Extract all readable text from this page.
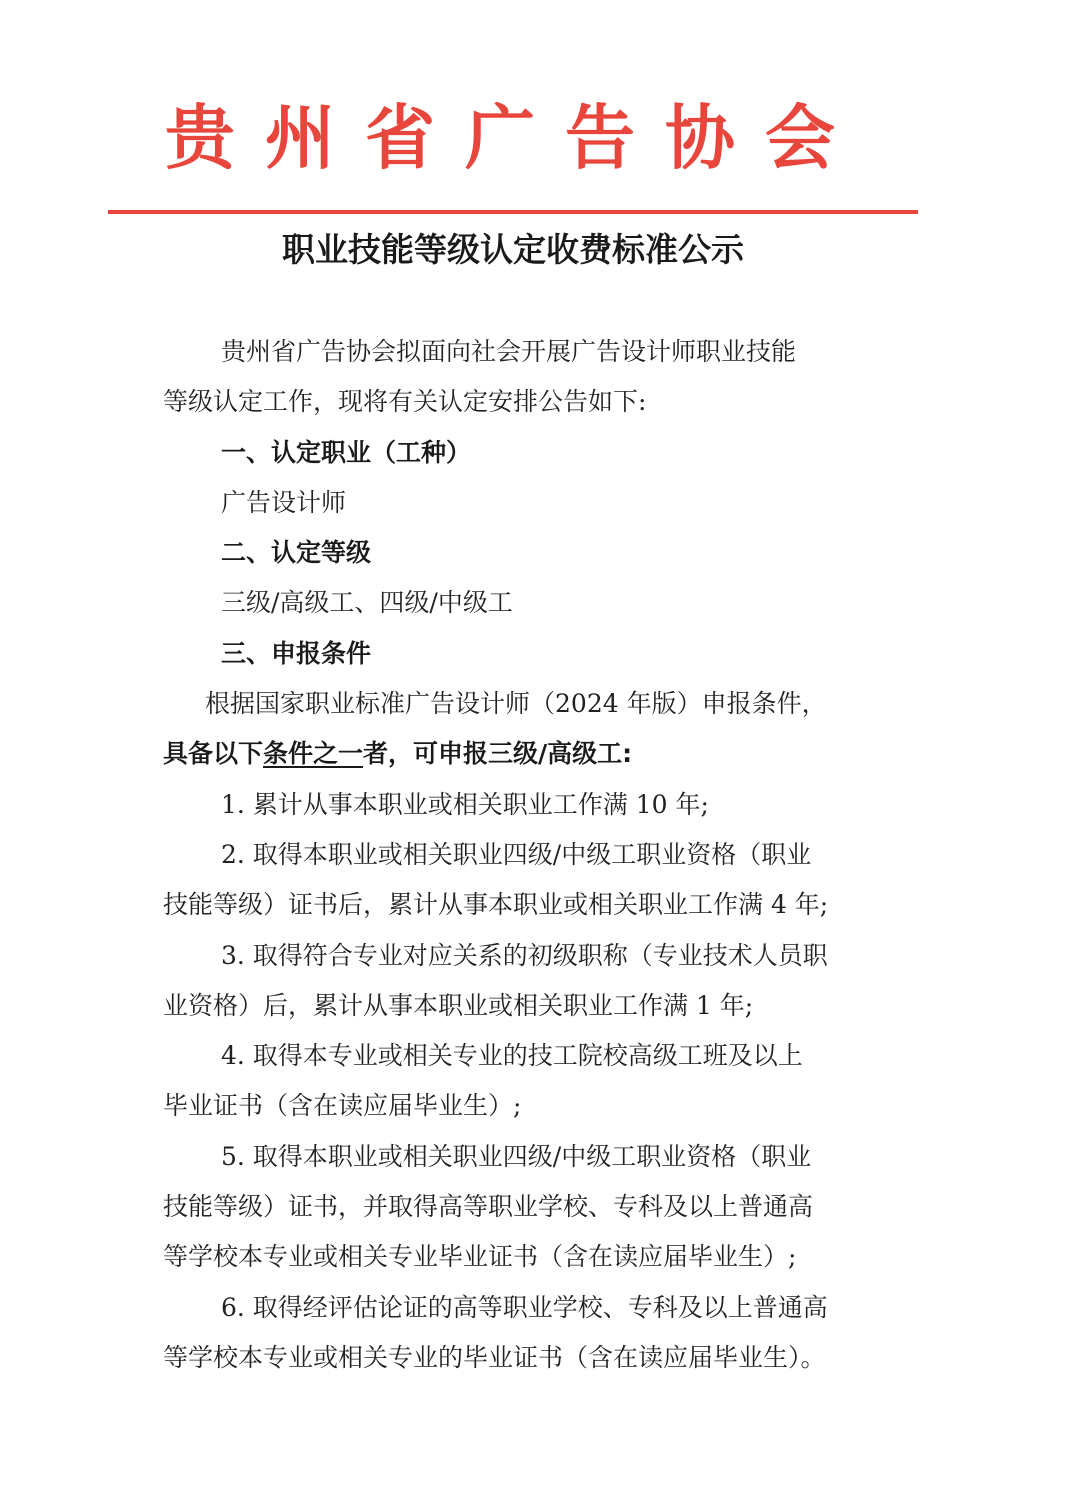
贵州省广告协会
职业技能等级认定收费标准公示

贵州省广告协会拟面向社会开展广告设计师职业技能

等级认定工作，现将有关认定安排公告如下:

一、认定职业（工种）

广告设计师

二、认定等级

三级/高级工、四级/中级工

三、申报条件

根据国家职业标准广告设计师（2024 年版）申报条件，

具备以下条件之一者，可申报三级/高级工:

1. 累计从事本职业或相关职业工作满 10 年;

2. 取得本职业或相关职业四级/中级工职业资格（职业

技能等级）证书后，累计从事本职业或相关职业工作满 4 年;

3. 取得符合专业对应关系的初级职称（专业技术人员职

业资格）后，累计从事本职业或相关职业工作满 1 年;

4. 取得本专业或相关专业的技工院校高级工班及以上

毕业证书（含在读应届毕业生）;

5. 取得本职业或相关职业四级/中级工职业资格（职业

技能等级）证书，并取得高等职业学校、专科及以上普通高

等学校本专业或相关专业毕业证书（含在读应届毕业生）;

6. 取得经评估论证的高等职业学校、专科及以上普通高

等学校本专业或相关专业的毕业证书（含在读应届毕业生）。
